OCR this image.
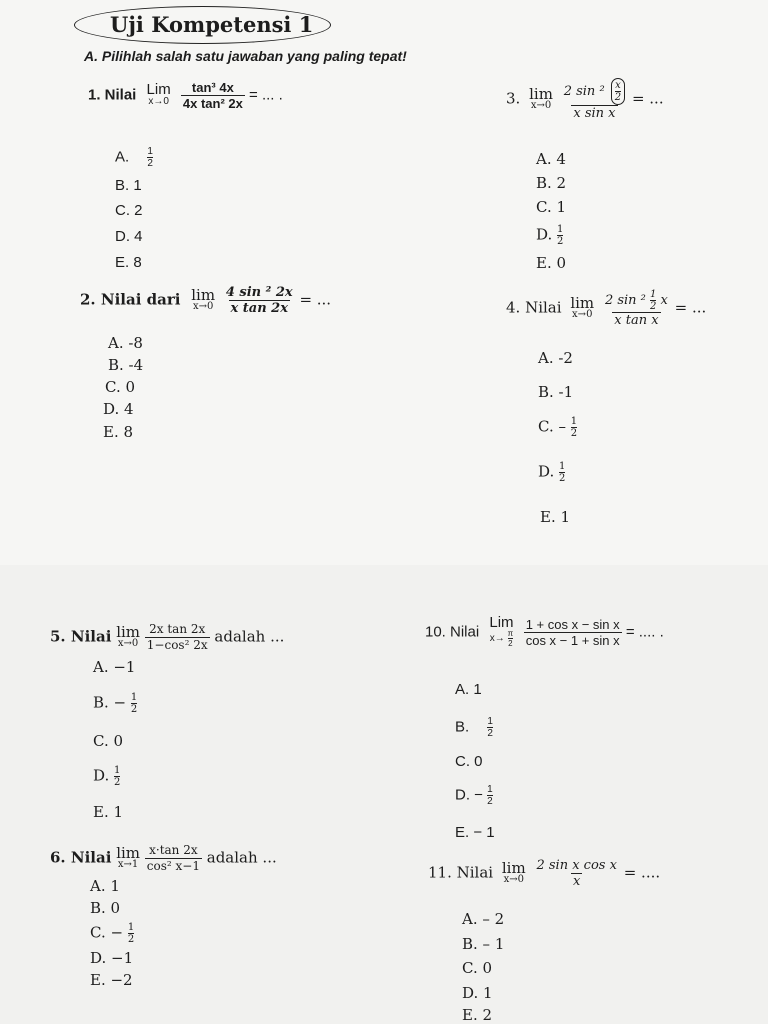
Uji Kompetensi 1
A. Pilihlah salah satu jawaban yang paling tepat!
1. Nilai Lim
x→0
$\frac{\text{tan³ 4x}}{\text{4x tan² 2x}}$ = ... .
A. $\frac{1}{2}$
B. 1
C. 2
D. 4
E. 8
2. Nilai dari lim
x→0
$\frac{\text{4 sin ² 2x}}{\text{x tan 2x}}$ = ...
A. -8
B. -4
C. 0
D. 4
E. 8
3. lim
x→0
$\frac{2 \sin ^2 \frac{x}{2}}{\text{x sin x}}$ = ...
A. 4
B. 2
C. 1
D. $\frac{1}{2}$
E. 0
4. Nilai lim
x→0
$\frac{2 \sin ^2 \frac{1}{2} x}{\text{x tan x}}$ = ...
A. -2
B. -1
C. – $\frac{1}{2}$
D. $\frac{1}{2}$
E. 1
5. Nilai lim
x→0
$\frac{\text{2x tan 2x}}{\text{1−cos² 2x}}$ adalah ...
A. −1
B. − $\frac{1}{2}$
C. 0
D. $\frac{1}{2}$
E. 1
6. Nilai lim
x→1
$\frac{x\cdot\tan 2x}{\text{cos² x−1}}$ adalah ...
A. 1
B. 0
C. − $\frac{1}{2}$
D. −1
E. −2
10. Nilai
Lim
$x\to \frac{\pi}{2}$
$\frac{\text{1 + cos x − sin x}}{\text{cos x − 1 + sin x}}$ = .... .
A. 1
B. $\frac{1}{2}$
C. 0
D. − $\frac{1}{2}$
E. − 1
11. Nilai lim
x→0
$\frac{\text{2 sin x cos x}}{x}$ = ....
A. – 2
B. – 1
C. 0
D. 1
E. 2
